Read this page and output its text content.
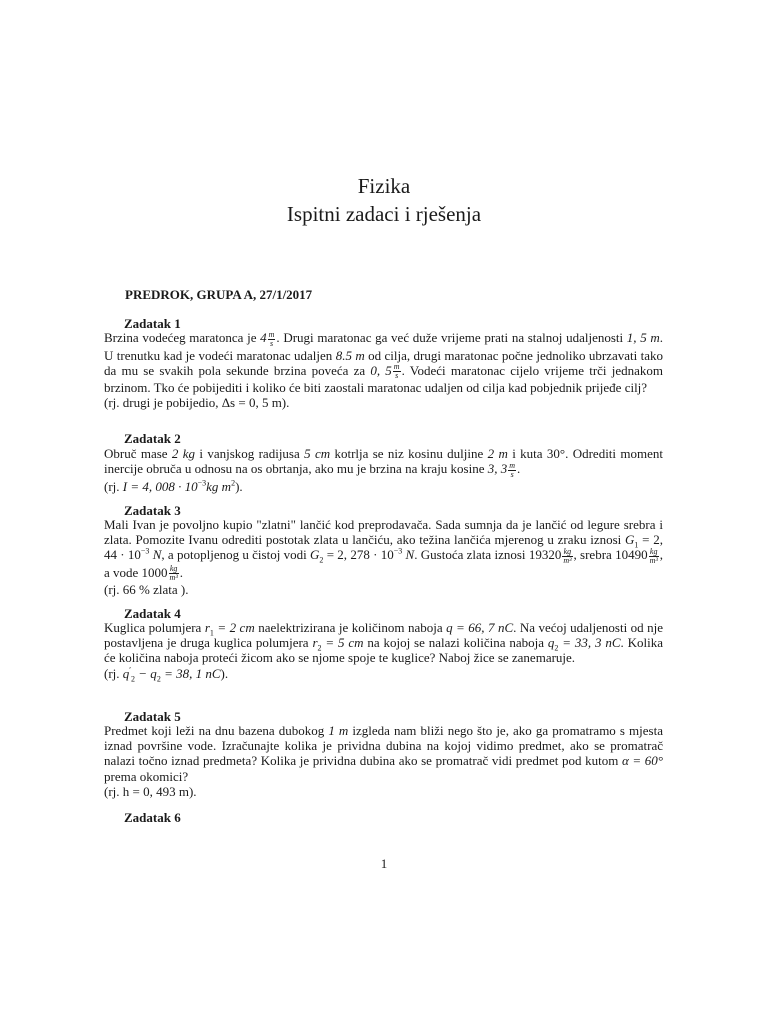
Fizika
Ispitni zadaci i rješenja
PREDROK, GRUPA A, 27/1/2017
Zadatak 1

Brzina vodećeg maratonca je $4 \frac{m}{s}$ . Drugi maratonac ga već duže vrijeme prati na stalnoj udaljenosti 1, 5 m. U trenutku kad je vodeći maratonac udaljen 8.5 m od cilja, drugi maratonac počne jednoliko ubrzavati tako da mu se svakih pola sekunde brzina poveća za 0, $5 \frac{m}{s}$ . Vodeći maratonac cijelo vrijeme trči jednakom brzinom. Tko će pobijediti i koliko će biti zaostali maratonac udaljen od cilja kad pobjednik prijeđe cilj?
(rj. drugi je pobijedio, Δs = 0, 5 m).

Zadatak 2

Obruč mase 2 kg i vanjskog radijusa 5 cm kotrlja se niz kosinu duljine 2 m i kuta 30°. Odrediti moment inercije obruča u odnosu na os obrtanja, ako mu je brzina na kraju kosine 3, $3 \frac{m}{s}$ .
(rj. I = 4, $008 \cdot 10^{-3}kg$ $m^2$).

Zadatak 3

Mali Ivan je povoljno kupio "zlatni" lančić kod preprodavača. Sada sumnja da je lančić od legure srebra i zlata. Pomozite Ivanu odrediti postotak zlata u lančiću, ako težina lančića mjerenog u zraku iznosi $G_1 = 2$, $44 \cdot 10^{-3}$ N, a potopljenog u čistoj vodi $G_2 = 2$, $278 \cdot 10^{-3}$ N. Gustoća zlata iznosi $19320 \frac{kg}{\text{m³}}$ , srebra $10490 \frac{kg}{\text{m³}}$ , a vode $1000 \frac{kg}{\text{m³}}$ .
(rj. 66 % zlata ).

Zadatak 4

Kuglica polumjera $r_1 = 2$ cm naelektrizirana je količinom naboja q = 66, 7 nC. Na većoj udaljenosti od nje postavljena je druga kuglica polumjera $r_2 = 5$ cm na kojoj se nalazi količina naboja $q_2 = 33$, 3 nC. Kolika će količina naboja proteći žicom ako se njome spoje te kuglice? Naboj žice se zanemaruje.
(rj. $q'_2 - q_2 = 38$, 1 nC).

Zadatak 5

Predmet koji leži na dnu bazena dubokog 1 m izgleda nam bliži nego što je, ako ga promatramo s mjesta iznad površine vode. Izračunajte kolika je prividna dubina na kojoj vidimo predmet, ako se promatrač nalazi točno iznad predmeta? Kolika je prividna dubina ako se promatrač vidi predmet pod kutom α = 60° prema okomici?
(rj. h = 0, 493 m).

Zadatak 6
1
